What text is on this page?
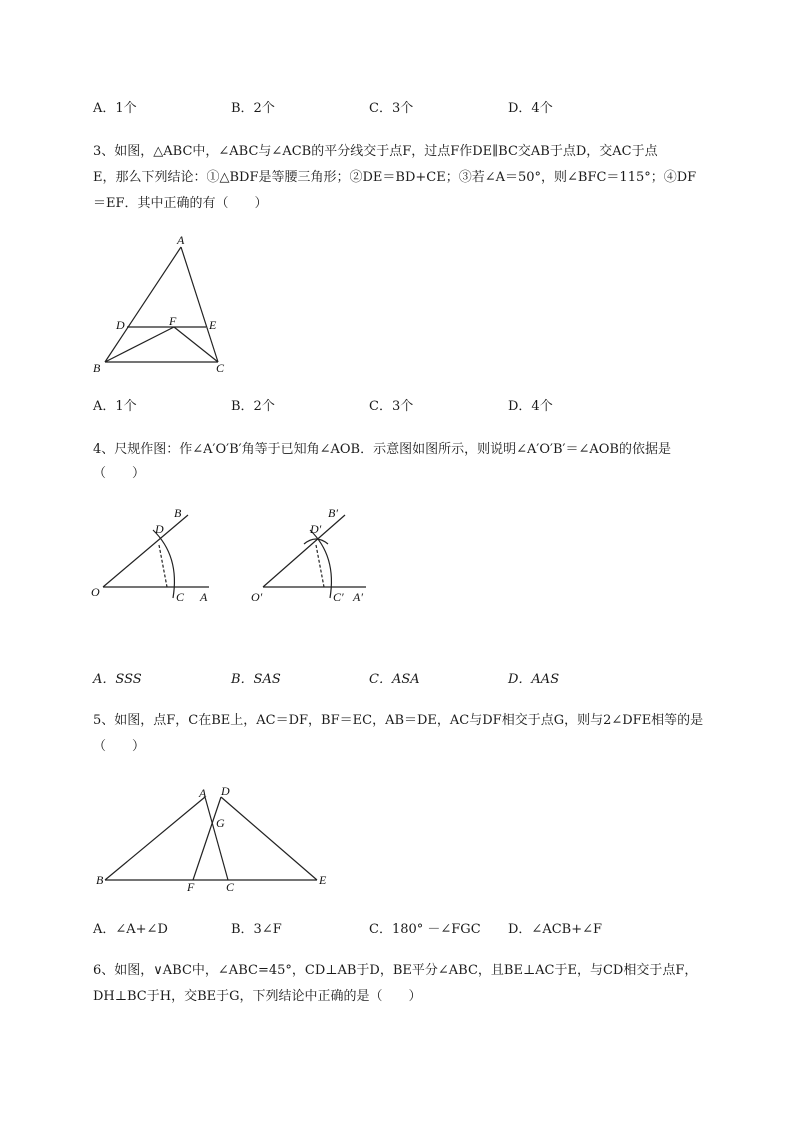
A．1个	B．2个	C．3个	D．4个
3、如图，△ABC中，∠ABC与∠ACB的平分线交于点F，过点F作DE∥BC交AB于点D，交AC于点
E，那么下列结论：①△BDF是等腰三角形；②DE＝BD+CE；③若∠A＝50°，则∠BFC＝115°；④DF
＝EF．其中正确的有（　　）
A
D	F	E
B	C
A．1个	B．2个	C．3个	D．4个
4、尺规作图：作∠A′O′B′角等于已知角∠AOB．示意图如图所示，则说明∠A′O′B′＝∠AOB的依据是
（　　）
B
D
O	C A
B′
D′
O′	C′ A′
A．SSS	B．SAS	C．ASA	D．AAS
5、如图，点F，C在BE上，AC＝DF，BF＝EC，AB＝DE，AC与DF相交于点G，则与2∠DFE相等的是
（　　）
A D
G
B	F	C	E
A．∠A+∠D	B．3∠F	C．180° －∠FGC D．∠ACB+∠F
6、如图，∨ABC中，∠ABC=45°，CD⊥AB于D，BE平分∠ABC，且BE⊥AC于E，与CD相交于点F，
DH⊥BC于H，交BE于G，下列结论中正确的是（　　）
